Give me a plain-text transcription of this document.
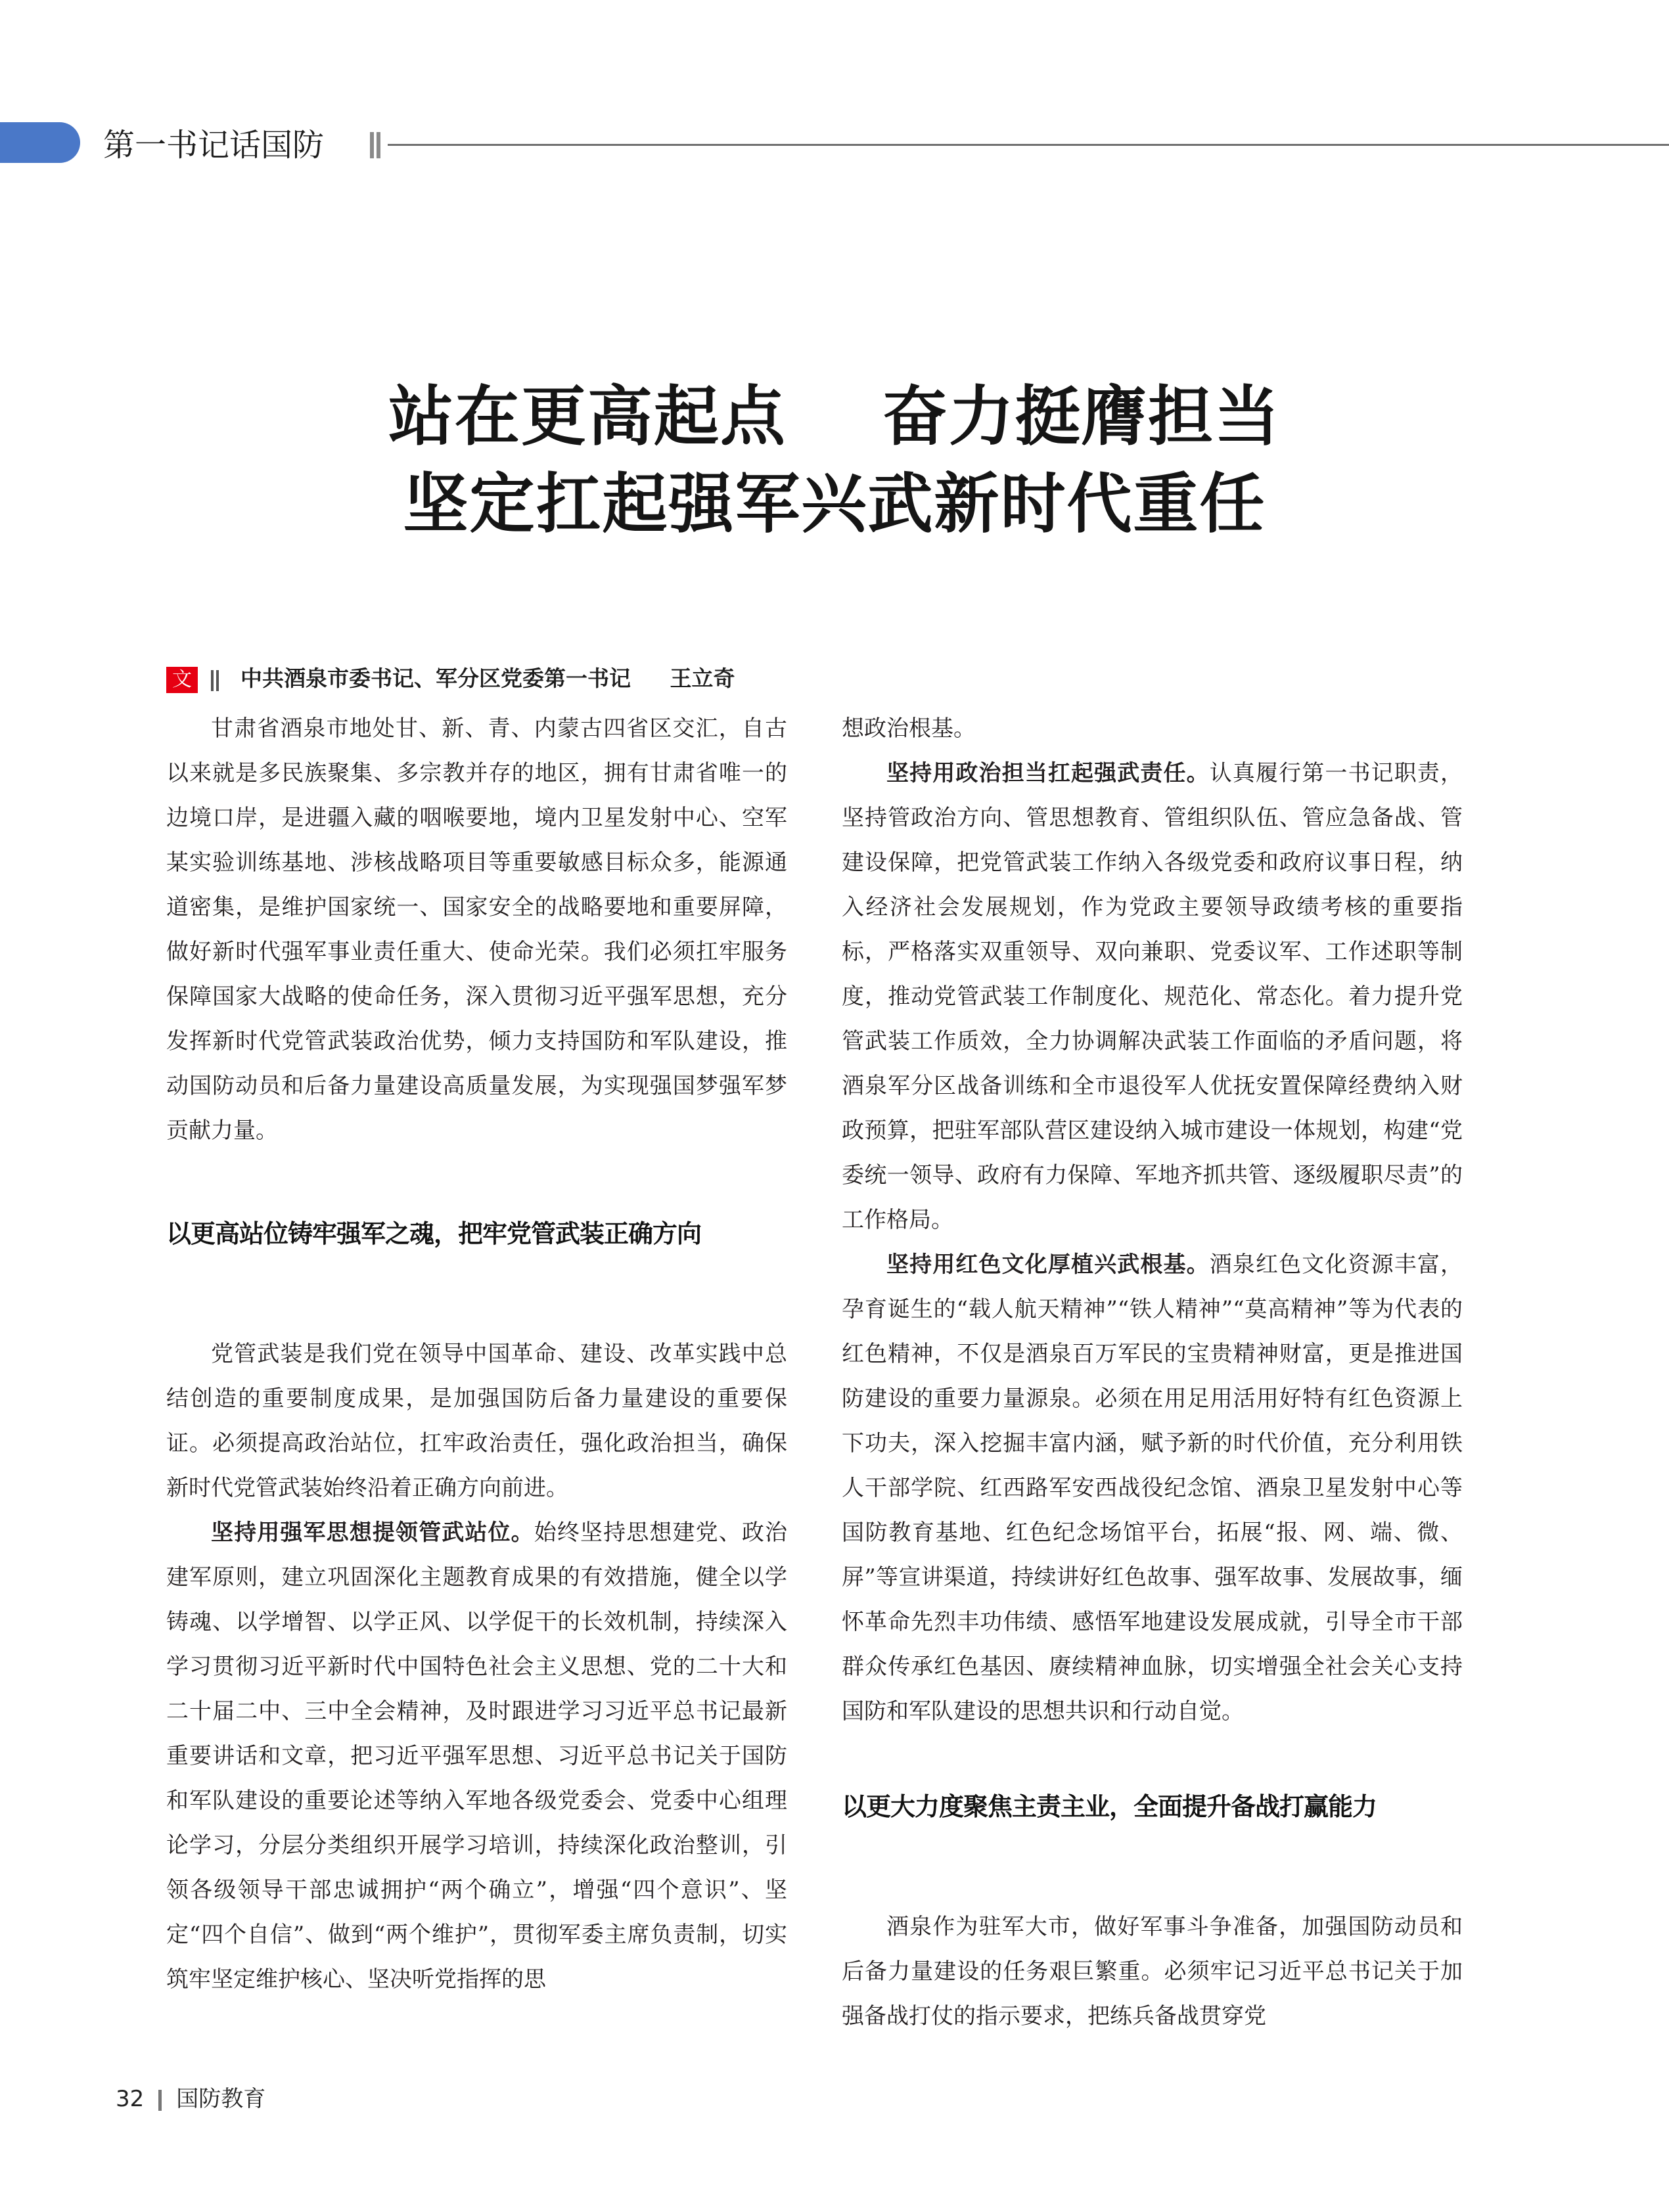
第一书记话国防
站在更高起点    奋力挺膺担当
坚定扛起强军兴武新时代重任
文 中共酒泉市委书记、军分区党委第一书记 王立奇

甘肃省酒泉市地处甘、新、青、内蒙古四省区交汇，自古以来就是多民族聚集、多宗教并存的地区，拥有甘肃省唯一的边境口岸，是进疆入藏的咽喉要地，境内卫星发射中心、空军某实验训练基地、涉核战略项目等重要敏感目标众多，能源通道密集，是维护国家统一、国家安全的战略要地和重要屏障，做好新时代强军事业责任重大、使命光荣。我们必须扛牢服务保障国家大战略的使命任务，深入贯彻习近平强军思想，充分发挥新时代党管武装政治优势，倾力支持国防和军队建设，推动国防动员和后备力量建设高质量发展，为实现强国梦强军梦贡献力量。

以更高站位铸牢强军之魂，把牢党管武装正确方向

党管武装是我们党在领导中国革命、建设、改革实践中总结创造的重要制度成果，是加强国防后备力量建设的重要保证。必须提高政治站位，扛牢政治责任，强化政治担当，确保新时代党管武装始终沿着正确方向前进。

坚持用强军思想提领管武站位。始终坚持思想建党、政治建军原则，建立巩固深化主题教育成果的有效措施，健全以学铸魂、以学增智、以学正风、以学促干的长效机制，持续深入学习贯彻习近平新时代中国特色社会主义思想、党的二十大和二十届二中、三中全会精神，及时跟进学习习近平总书记最新重要讲话和文章，把习近平强军思想、习近平总书记关于国防和军队建设的重要论述等纳入军地各级党委会、党委中心组理论学习，分层分类组织开展学习培训，持续深化政治整训，引领各级领导干部忠诚拥护“两个确立”，增强“四个意识”、坚定“四个自信”、做到“两个维护”，贯彻军委主席负责制，切实筑牢坚定维护核心、坚决听党指挥的思

想政治根基。

坚持用政治担当扛起强武责任。认真履行第一书记职责，坚持管政治方向、管思想教育、管组织队伍、管应急备战、管建设保障，把党管武装工作纳入各级党委和政府议事日程，纳入经济社会发展规划，作为党政主要领导政绩考核的重要指标，严格落实双重领导、双向兼职、党委议军、工作述职等制度，推动党管武装工作制度化、规范化、常态化。着力提升党管武装工作质效，全力协调解决武装工作面临的矛盾问题，将酒泉军分区战备训练和全市退役军人优抚安置保障经费纳入财政预算，把驻军部队营区建设纳入城市建设一体规划，构建“党委统一领导、政府有力保障、军地齐抓共管、逐级履职尽责”的工作格局。

坚持用红色文化厚植兴武根基。酒泉红色文化资源丰富，孕育诞生的“载人航天精神”“铁人精神”“莫高精神”等为代表的红色精神，不仅是酒泉百万军民的宝贵精神财富，更是推进国防建设的重要力量源泉。必须在用足用活用好特有红色资源上下功夫，深入挖掘丰富内涵，赋予新的时代价值，充分利用铁人干部学院、红西路军安西战役纪念馆、酒泉卫星发射中心等国防教育基地、红色纪念场馆平台，拓展“报、网、端、微、屏”等宣讲渠道，持续讲好红色故事、强军故事、发展故事，缅怀革命先烈丰功伟绩、感悟军地建设发展成就，引导全市干部群众传承红色基因、赓续精神血脉，切实增强全社会关心支持国防和军队建设的思想共识和行动自觉。

以更大力度聚焦主责主业，全面提升备战打赢能力

酒泉作为驻军大市，做好军事斗争准备，加强国防动员和后备力量建设的任务艰巨繁重。必须牢记习近平总书记关于加强备战打仗的指示要求，把练兵备战贯穿党

32 国防教育
